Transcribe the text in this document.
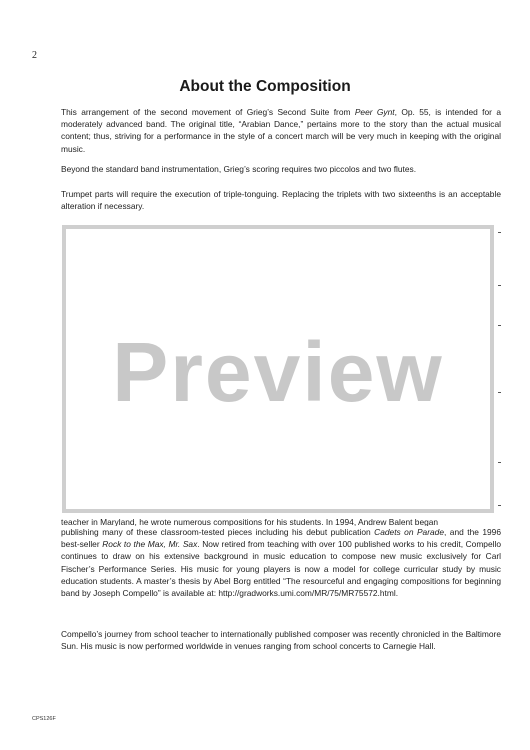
2
About the Composition

This arrangement of the second movement of Grieg’s Second Suite from Peer Gynt, Op. 55, is intended for a moderately advanced band. The original title, “Arabian Dance,” pertains more to the story than the actual musical content; thus, striving for a performance in the style of a concert march will be very much in keeping with the original music.

Beyond the standard band instrumentation, Grieg’s scoring requires two piccolos and two flutes.

Trumpet parts will require the execution of triple-tonguing. Replacing the triplets with two sixteenths is an acceptable alteration if necessary.

Preview
teacher in Maryland, he wrote numerous compositions for his students. In 1994, Andrew Balent began
publishing many of these classroom-tested pieces including his debut publication Cadets on Parade, and the 1996 best-seller Rock to the Max, Mr. Sax. Now retired from teaching with over 100 published works to his credit, Compello continues to draw on his extensive background in music education to compose new music exclusively for Carl Fischer’s Performance Series. His music for young players is now a model for college curricular study by music education students. A master’s thesis by Abel Borg entitled “The resourceful and engaging compositions for beginning band by Joseph Compello” is available at: http://gradworks.umi.com/MR/75/MR75572.html.

Compello’s journey from school teacher to internationally published composer was recently chronicled in the Baltimore Sun. His music is now performed worldwide in venues ranging from school concerts to Carnegie Hall.

CPS126F
